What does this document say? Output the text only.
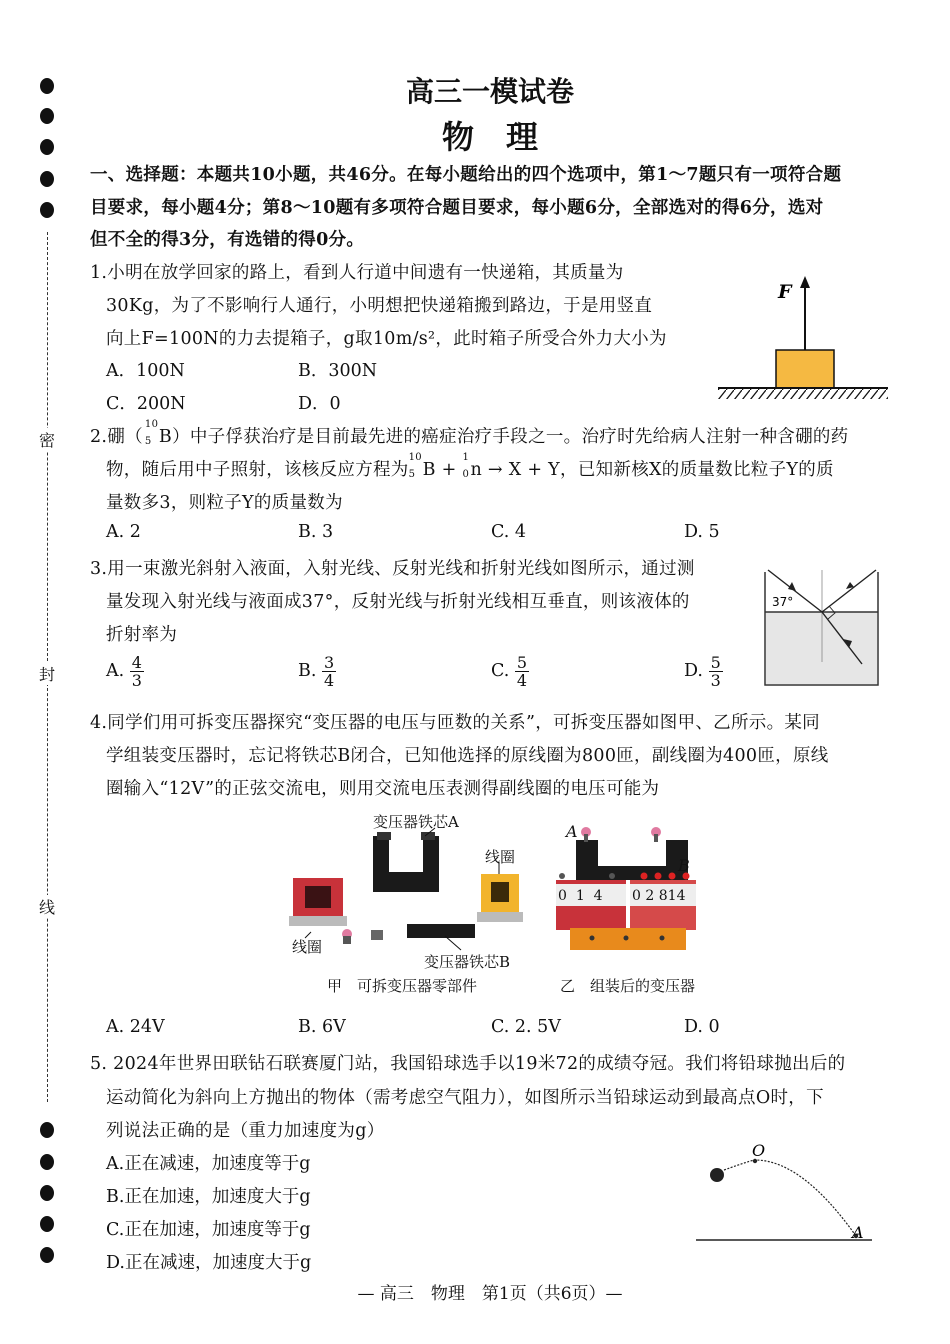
密
封
线
高三一模试卷
物　理
一、选择题：本题共10小题，共46分。在每小题给出的四个选项中，第1～7题只有一项符合题
目要求，每小题4分；第8～10题有多项符合题目要求，每小题6分，全部选对的得6分，选对
但不全的得3分，有选错的得0分。
1.小明在放学回家的路上，看到人行道中间遗有一快递箱，其质量为
30Kg，为了不影响行人通行，小明想把快递箱搬到路边，于是用竖直
向上F=100N的力去提箱子，g取10m/s²，此时箱子所受合外力大小为
A．100N	B．300N
C．200N	D．0
F
2.硼（
10
5 B）中子俘获治疗是目前最先进的癌症治疗手段之一。治疗时先给病人注射一种含硼的药
物，随后用中子照射，该核反应方程为
10
5 B +
1
0 n → X + Y，已知新核X的质量数比粒子Y的质
量数多3，则粒子Y的质量数为
A. 2	B. 3	C. 4	D. 5
3.用一束激光斜射入液面，入射光线、反射光线和折射光线如图所示，通过测
量发现入射光线与液面成37°，反射光线与折射光线相互垂直，则该液体的
折射率为
A. $\frac{4}{3}$	B. $\frac{3}{4}$	C. $\frac{5}{4}$	D. $\frac{5}{3}$
37°
4.同学们用可拆变压器探究“变压器的电压与匝数的关系”，可拆变压器如图甲、乙所示。某同
学组装变压器时，忘记将铁芯B闭合，已知他选择的原线圈为800匝，副线圈为400匝，原线
圈输入“12V”的正弦交流电，则用交流电压表测得副线圈的电压可能为
变压器铁芯A
线圈
线圈
变压器铁芯B
甲　可拆变压器零部件
A
B
0 1 4 0 2 814
乙　组装后的变压器
A. 24V	B. 6V	C. 2. 5V	D. 0
5. 2024年世界田联钻石联赛厦门站，我国铅球选手以19米72的成绩夺冠。我们将铅球抛出后的
运动简化为斜向上方抛出的物体（需考虑空气阻力），如图所示当铅球运动到最高点O时，下
列说法正确的是（重力加速度为g）
A.正在减速，加速度等于g
B.正在加速，加速度大于g
C.正在加速，加速度等于g
D.正在减速，加速度大于g
O
A
— 高三　物理　第1页（共6页）—
